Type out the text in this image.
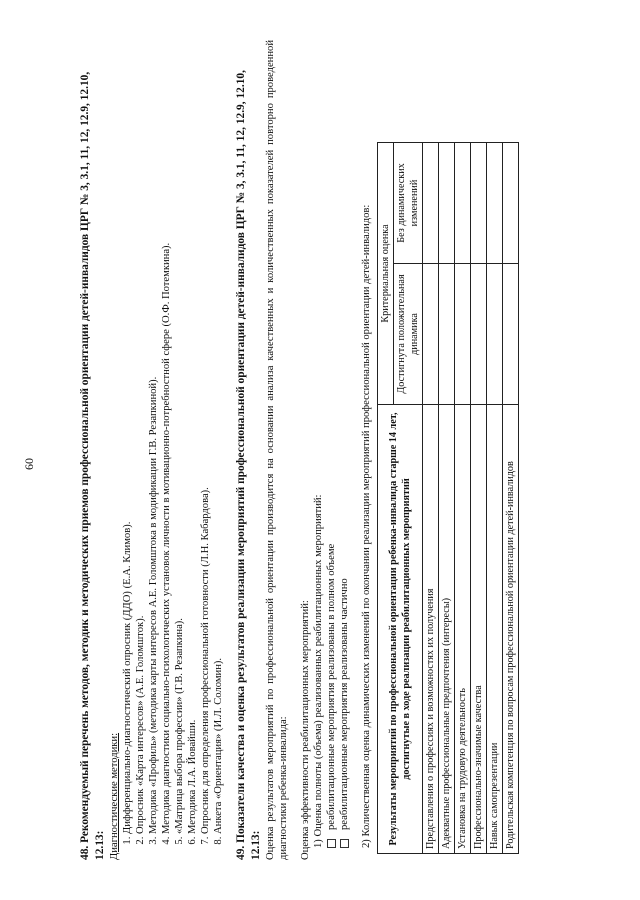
60	48. Рекомендуемый перечень методов, методик и методических приемов профессиональной ориентации детей-инвалидов ЦРГ № 3, 3.1, 11, 12, 12.9, 12.10, 12.13: Диагностические методики: 1. Дифференциально-диагностический опросник (ДДО) (Е.А. Климов). 2. Опросник «Карта интересов» (А.Е. Голомшток). 3. Методика «Профиль» (методика карты интересов А.Е. Голомштока в модификации Г.В. Резапкиной). 4. Методика диагностики социально-психологических установок личности в мотивационно-потребностной сфере (О.Ф. Потемкина). 5. «Матрица выбора профессии» (Г.В. Резапкина). 6. Методика Л.А. Йовайши. 7. Опросник для определения профессиональной готовности (Л.Н. Кабардова). 8. Анкета «Ориентация» (И.Л. Соломин). 49. Показатели качества и оценка результатов реализации мероприятий профессиональной ориентации детей-инвалидов ЦРГ № 3, 3.1, 11, 12, 12.9, 12.10, 12.13: Оценка результатов мероприятий по профессиональной ориентации производится на основании анализа качественных и количественных показателей повторно проведенной диагностики ребенка-инвалида: Оценка эффективности реабилитационных мероприятий: 1) Оценка полноты (объема) реализованных реабилитационных мероприятий: реабилитационные мероприятия реализованы в полном объеме реабилитационные мероприятия реализованы частично 2) Количественная оценка динамических изменений по окончании реализации мероприятий профессиональной ориентации детей-инвалидов: Результаты мероприятий по профессиональной ориентации ребенка-инвалида старше 14 лет, достигнутые в ходе реализации реабилитационных мероприятий	Критериальная оценка	
	Достигнута положительная динамика	Без динамических изменений
Представления о профессиях и возможностях их получения		
Адекватные профессиональные предпочтения (интересы)		
Установка на трудовую деятельность		
Профессионально-значимые качества		
Навык самопрезентации		
Родительская компетенция по вопросам профессиональной ориентации детей-инвалидов		
